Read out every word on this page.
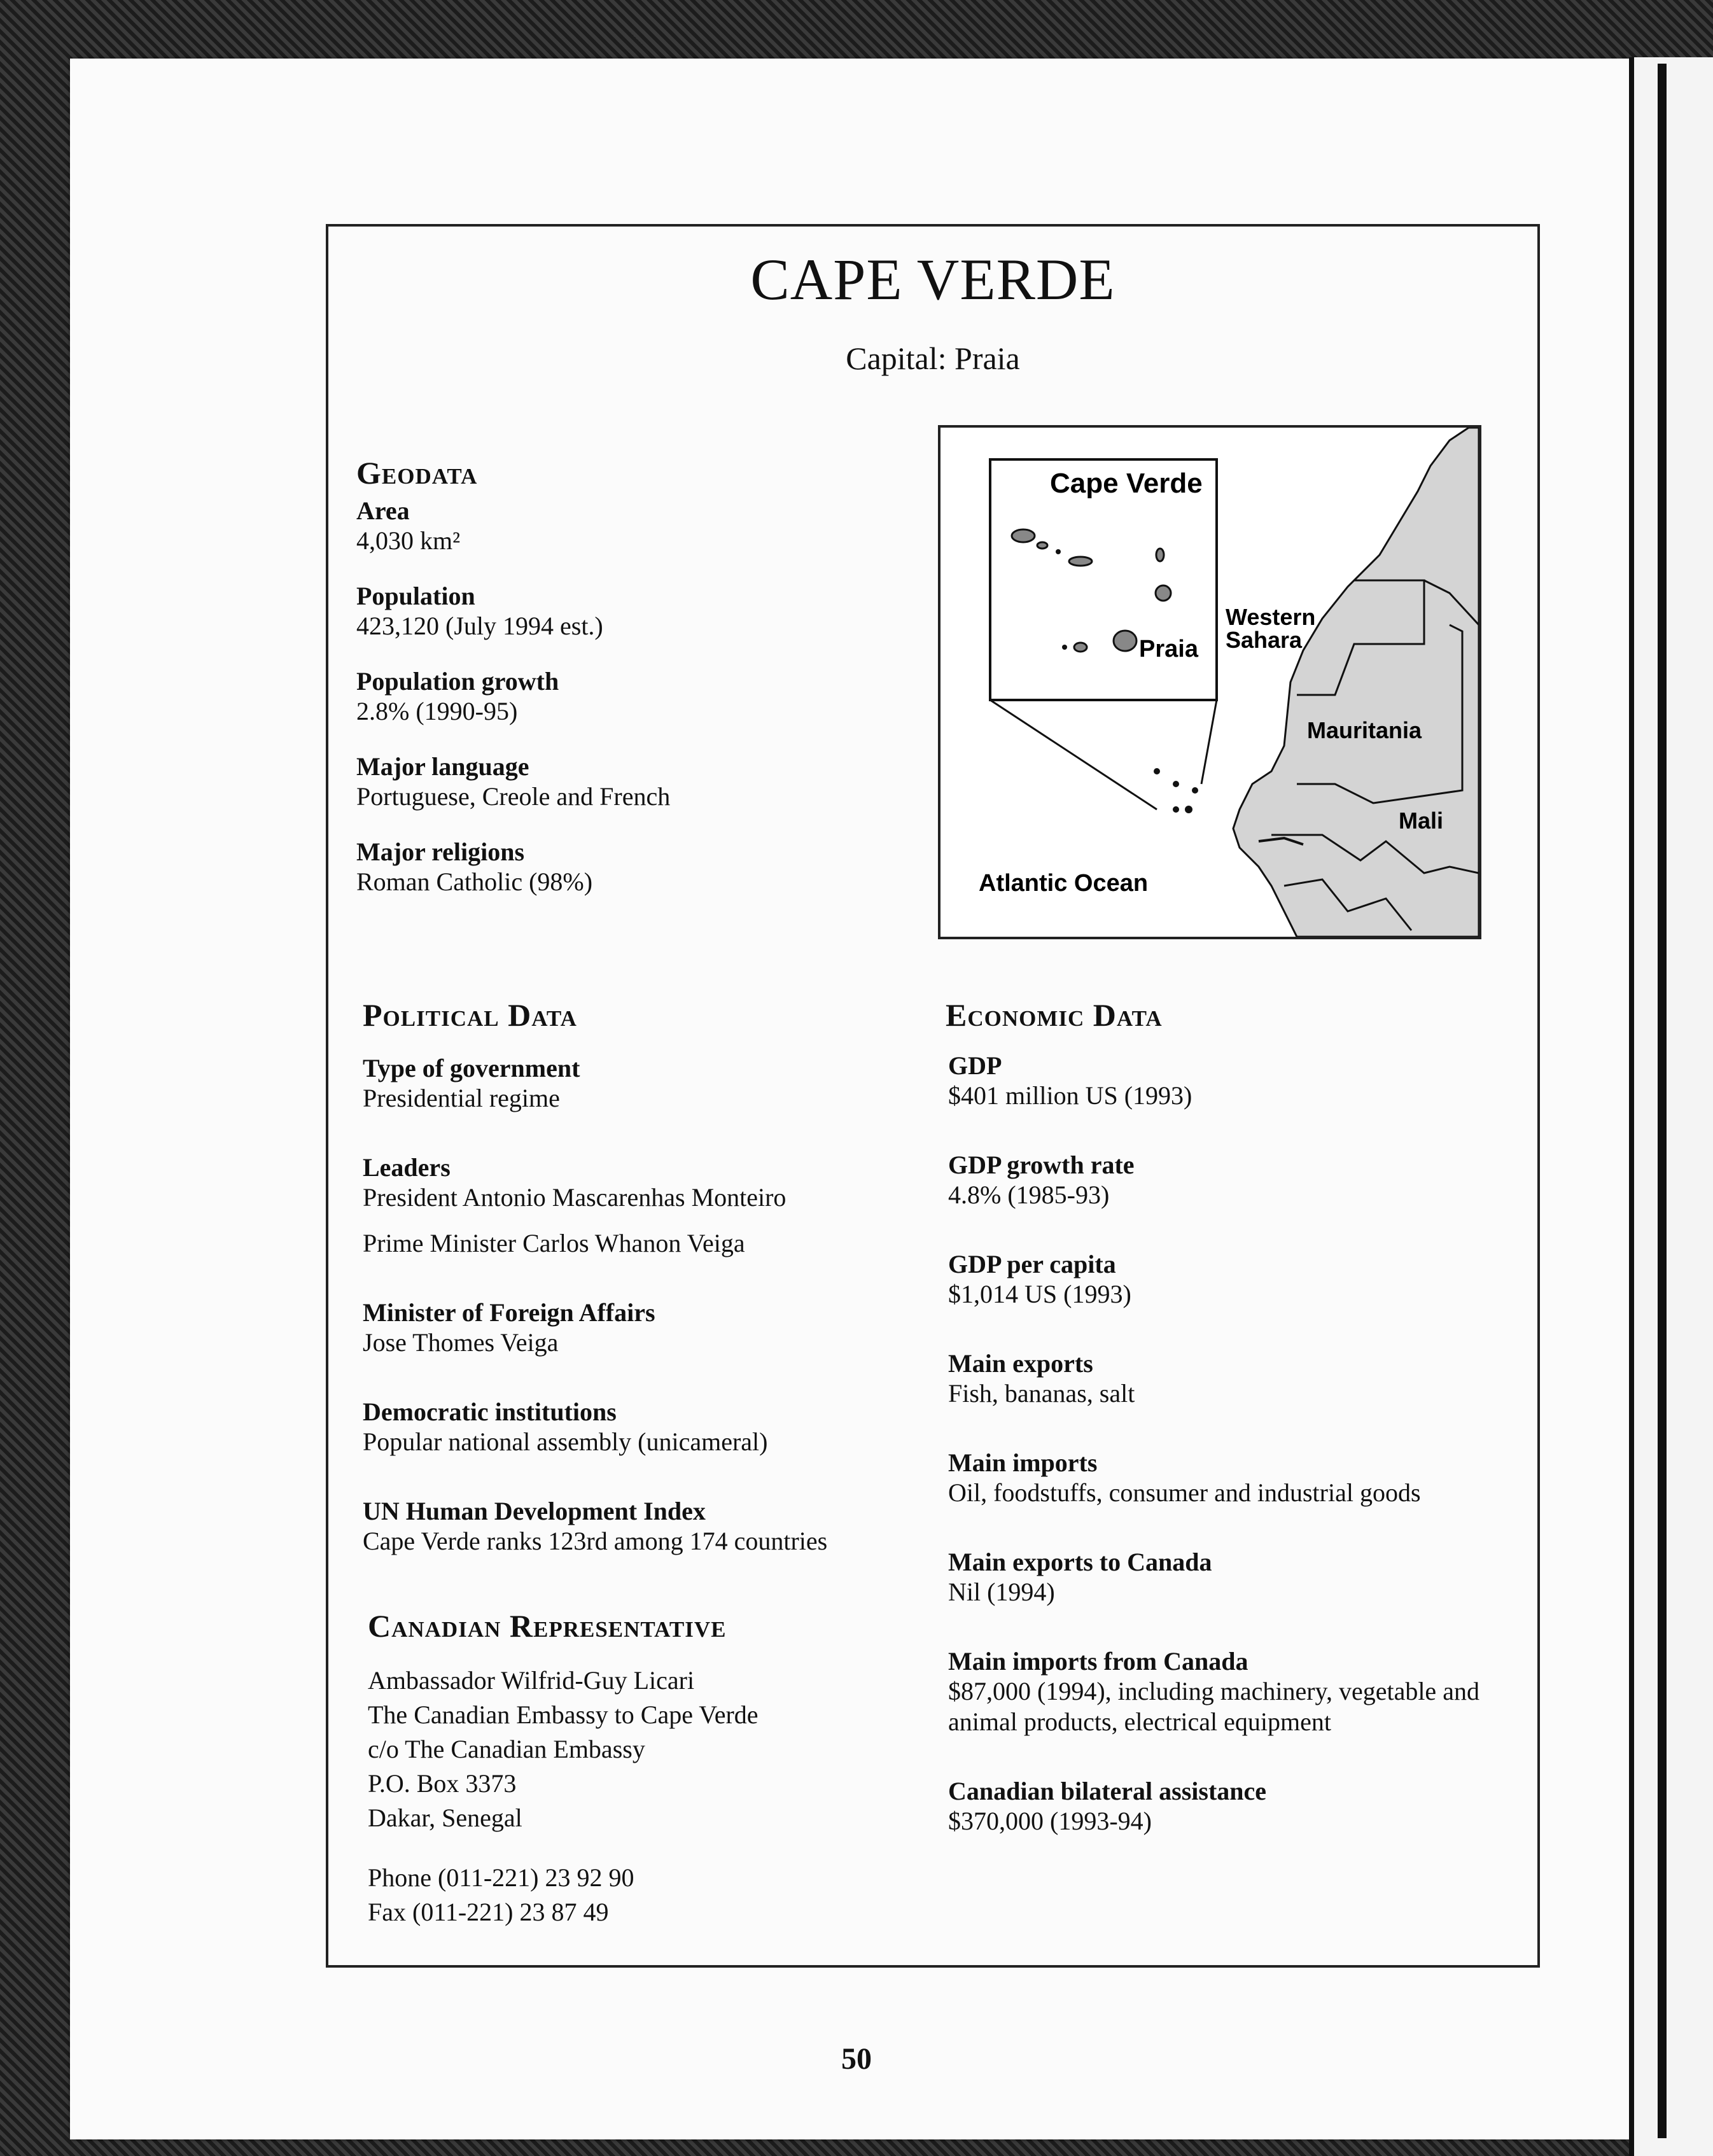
CAPE VERDE
Capital: Praia
Geodata
Area
4,030 km²
Population
423,120 (July 1994 est.)
Population growth
2.8% (1990-95)
Major language
Portuguese, Creole and French
Major religions
Roman Catholic (98%)
Cape Verde
Praia
Western
Sahara
Mauritania
Mali
Atlantic Ocean
Political Data
Type of government
Presidential regime
Leaders
President Antonio Mascarenhas Monteiro
Prime Minister Carlos Whanon Veiga
Minister of Foreign Affairs
Jose Thomes Veiga
Democratic institutions
Popular national assembly (unicameral)
UN Human Development Index
Cape Verde ranks 123rd among 174 countries
Canadian Representative
Ambassador Wilfrid-Guy Licari
The Canadian Embassy to Cape Verde
c/o The Canadian Embassy
P.O. Box 3373
Dakar, Senegal
Phone (011-221) 23 92 90
Fax (011-221) 23 87 49
Economic Data
GDP
$401 million US (1993)
GDP growth rate
4.8% (1985-93)
GDP per capita
$1,014 US (1993)
Main exports
Fish, bananas, salt
Main imports
Oil, foodstuffs, consumer and industrial goods
Main exports to Canada
Nil (1994)
Main imports from Canada
$87,000 (1994), including machinery, vegetable and
animal products, electrical equipment
Canadian bilateral assistance
$370,000 (1993-94)
50
